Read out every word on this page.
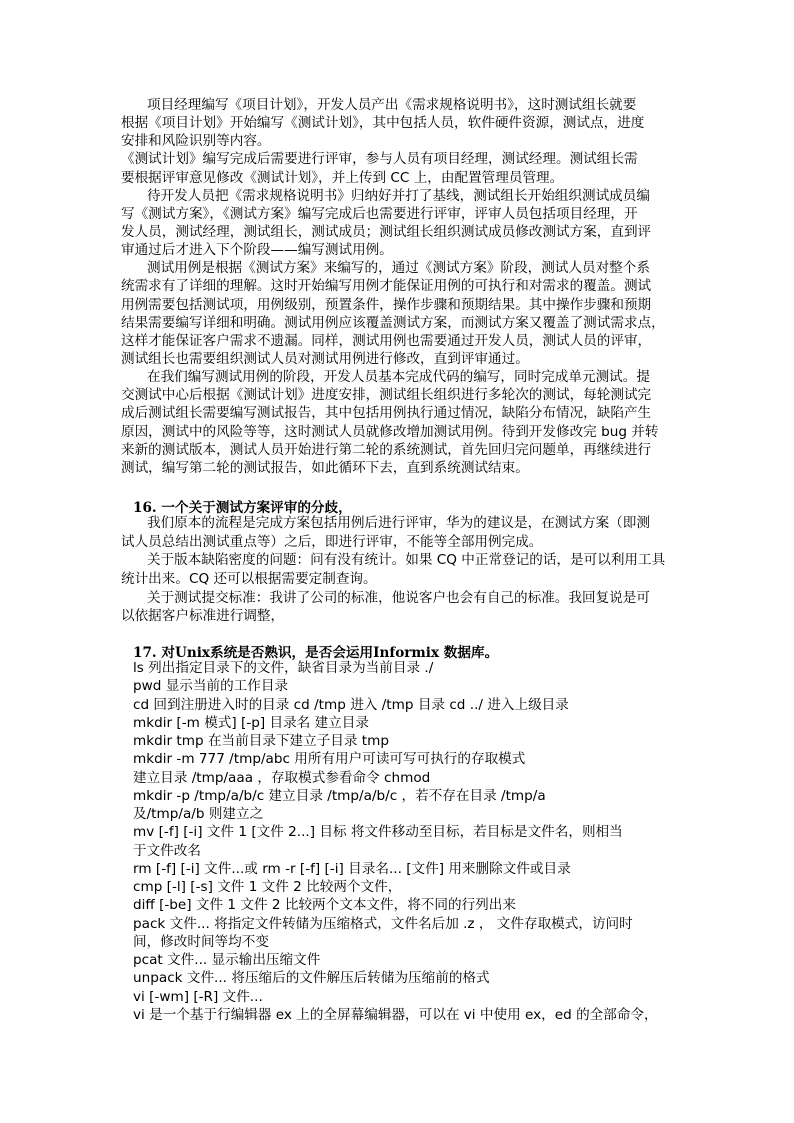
项目经理编写《项目计划》，开发人员产出《需求规格说明书》，这时测试组长就要
根据《项目计划》开始编写《测试计划》，其中包括人员，软件硬件资源，测试点，进度
安排和风险识别等内容。
《测试计划》编写完成后需要进行评审，参与人员有项目经理，测试经理。测试组长需
要根据评审意见修改《测试计划》，并上传到 CC 上，由配置管理员管理。
待开发人员把《需求规格说明书》归纳好并打了基线，测试组长开始组织测试成员编
写《测试方案》，《测试方案》编写完成后也需要进行评审，评审人员包括项目经理，开
发人员，测试经理，测试组长，测试成员；测试组长组织测试成员修改测试方案，直到评
审通过后才进入下个阶段——编写测试用例。
测试用例是根据《测试方案》来编写的，通过《测试方案》阶段，测试人员对整个系
统需求有了详细的理解。这时开始编写用例才能保证用例的可执行和对需求的覆盖。测试
用例需要包括测试项，用例级别，预置条件，操作步骤和预期结果。其中操作步骤和预期
结果需要编写详细和明确。测试用例应该覆盖测试方案，而测试方案又覆盖了测试需求点，
这样才能保证客户需求不遗漏。同样，测试用例也需要通过开发人员，测试人员的评审，
测试组长也需要组织测试人员对测试用例进行修改，直到评审通过。
在我们编写测试用例的阶段，开发人员基本完成代码的编写，同时完成单元测试。提
交测试中心后根据《测试计划》进度安排，测试组长组织进行多轮次的测试，每轮测试完
成后测试组长需要编写测试报告，其中包括用例执行通过情况，缺陷分布情况，缺陷产生
原因，测试中的风险等等，这时测试人员就修改增加测试用例。待到开发修改完 bug 并转
来新的测试版本，测试人员开始进行第二轮的系统测试，首先回归完问题单，再继续进行
测试，编写第二轮的测试报告，如此循环下去，直到系统测试结束。
16. 一个关于测试方案评审的分歧，
我们原本的流程是完成方案包括用例后进行评审，华为的建议是，在测试方案（即测
试人员总结出测试重点等）之后，即进行评审，不能等全部用例完成。
关于版本缺陷密度的问题：问有没有统计。如果 CQ 中正常登记的话，是可以利用工具
统计出来。CQ 还可以根据需要定制查询。
关于测试提交标准：我讲了公司的标准，他说客户也会有自己的标准。我回复说是可
以依据客户标准进行调整，
17. 对Unix系统是否熟识，是否会运用Informix 数据库。
ls 列出指定目录下的文件，缺省目录为当前目录 ./
pwd 显示当前的工作目录
cd 回到注册进入时的目录 cd /tmp 进入 /tmp 目录 cd ../ 进入上级目录
mkdir [-m 模式] [-p] 目录名 建立目录
mkdir tmp 在当前目录下建立子目录 tmp
mkdir -m 777 /tmp/abc 用所有用户可读可写可执行的存取模式
建立目录 /tmp/aaa ，存取模式参看命令 chmod
mkdir -p /tmp/a/b/c 建立目录 /tmp/a/b/c ，若不存在目录 /tmp/a
及/tmp/a/b 则建立之
mv [-f] [-i] 文件 1 [文件 2...] 目标 将文件移动至目标，若目标是文件名，则相当
于文件改名
rm [-f] [-i] 文件...或 rm -r [-f] [-i] 目录名... [文件] 用来删除文件或目录
cmp [-l] [-s] 文件 1 文件 2 比较两个文件，
diff [-be] 文件 1 文件 2 比较两个文本文件，将不同的行列出来
pack 文件... 将指定文件转储为压缩格式，文件名后加 .z ， 文件存取模式，访问时
间，修改时间等均不变
pcat 文件... 显示输出压缩文件
unpack 文件... 将压缩后的文件解压后转储为压缩前的格式
vi [-wm] [-R] 文件...
vi 是一个基于行编辑器 ex 上的全屏幕编辑器，可以在 vi 中使用 ex，ed 的全部命令，
